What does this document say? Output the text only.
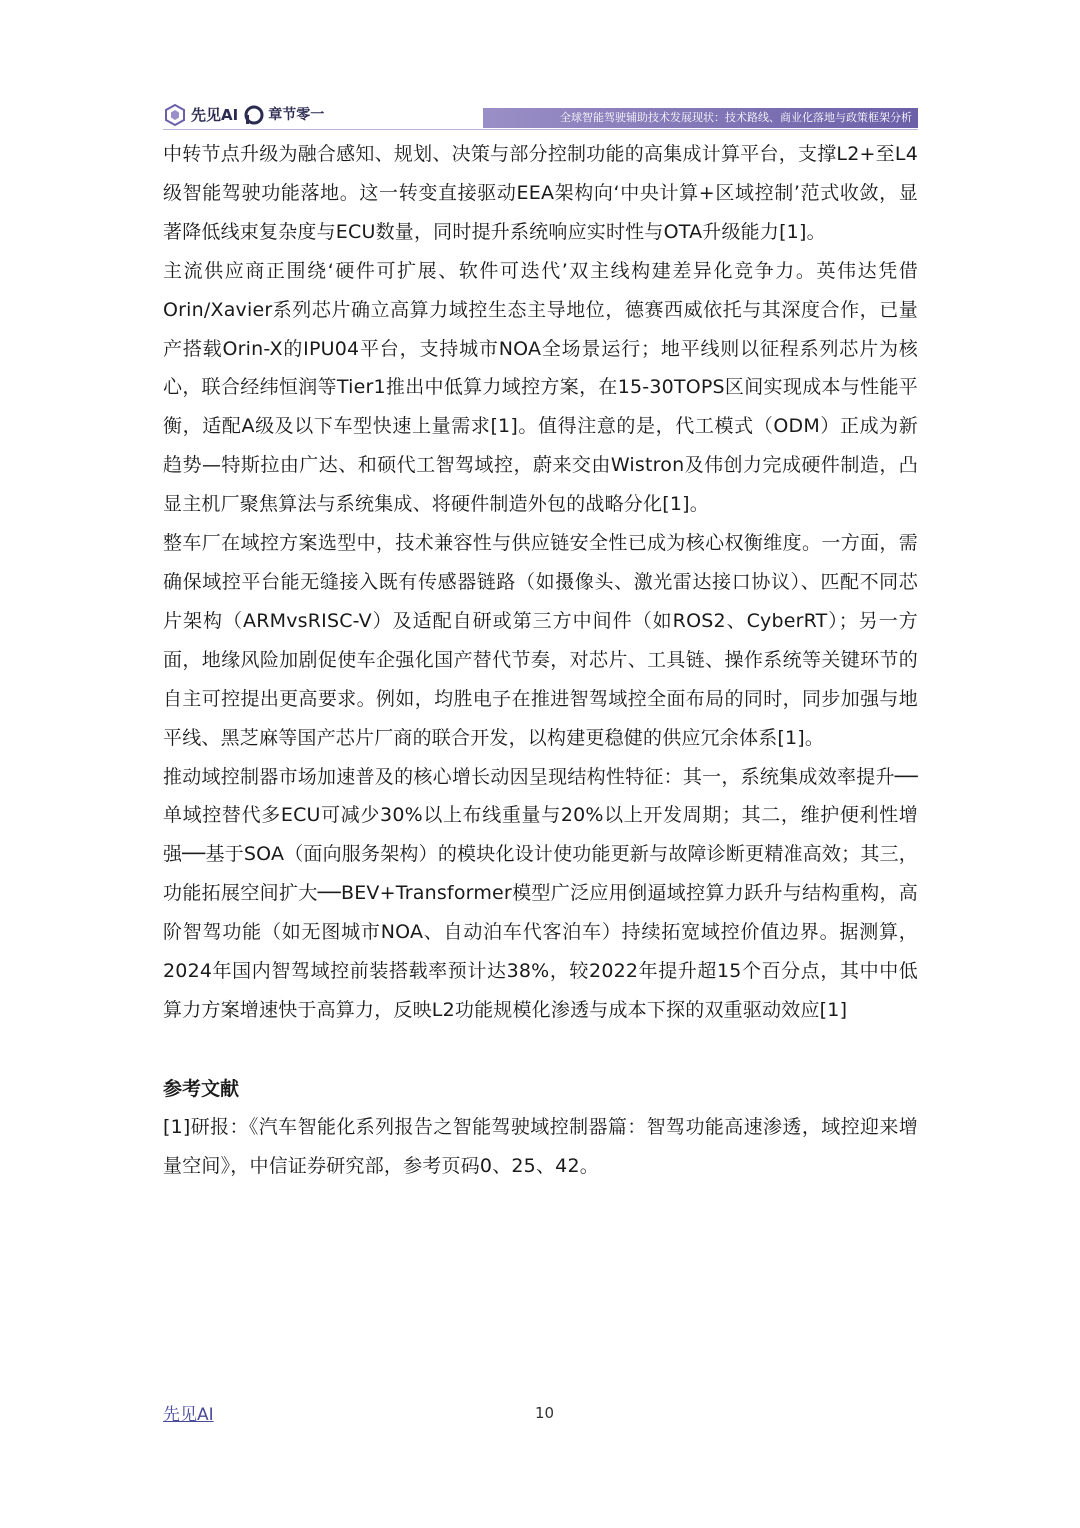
先见AI 章节零一	全球智能驾驶辅助技术发展现状：技术路线、商业化落地与政策框架分析

中转节点升级为融合感知、规划、决策与部分控制功能的高集成计算平台，支撑L2+至L4级智能驾驶功能落地。这一转变直接驱动EEA架构向‘中央计算+区域控制’范式收敛，显著降低线束复杂度与ECU数量，同时提升系统响应实时性与OTA升级能力[1]。

主流供应商正围绕‘硬件可扩展、软件可迭代’双主线构建差异化竞争力。英伟达凭借Orin/Xavier系列芯片确立高算力域控生态主导地位，德赛西威依托与其深度合作，已量产搭载Orin-X的IPU04平台，支持城市NOA全场景运行；地平线则以征程系列芯片为核心，联合经纬恒润等Tier1推出中低算力域控方案，在15-30TOPS区间实现成本与性能平衡，适配A级及以下车型快速上量需求[1]。值得注意的是，代工模式（ODM）正成为新趋势—特斯拉由广达、和硕代工智驾域控，蔚来交由Wistron及伟创力完成硬件制造，凸显主机厂聚焦算法与系统集成、将硬件制造外包的战略分化[1]。

整车厂在域控方案选型中，技术兼容性与供应链安全性已成为核心权衡维度。一方面，需确保域控平台能无缝接入既有传感器链路（如摄像头、激光雷达接口协议）、匹配不同芯片架构（ARMvsRISC-V）及适配自研或第三方中间件（如ROS2、CyberRT）；另一方面，地缘风险加剧促使车企强化国产替代节奏，对芯片、工具链、操作系统等关键环节的自主可控提出更高要求。例如，均胜电子在推进智驾域控全面布局的同时，同步加强与地平线、黑芝麻等国产芯片厂商的联合开发，以构建更稳健的供应冗余体系[1]。

推动域控制器市场加速普及的核心增长动因呈现结构性特征：其一，系统集成效率提升──单域控替代多ECU可减少30%以上布线重量与20%以上开发周期；其二，维护便利性增强──基于SOA（面向服务架构）的模块化设计使功能更新与故障诊断更精准高效；其三，功能拓展空间扩大──BEV+Transformer模型广泛应用倒逼域控算力跃升与结构重构，高阶智驾功能（如无图城市NOA、自动泊车代客泊车）持续拓宽域控价值边界。据测算，2024年国内智驾域控前装搭载率预计达38%，较2022年提升超15个百分点，其中中低算力方案增速快于高算力，反映L2功能规模化渗透与成本下探的双重驱动效应[1]

参考文献

[1]研报：《汽车智能化系列报告之智能驾驶域控制器篇：智驾功能高速渗透，域控迎来增量空间》，中信证券研究部，参考页码0、25、42。

先见AI	10
